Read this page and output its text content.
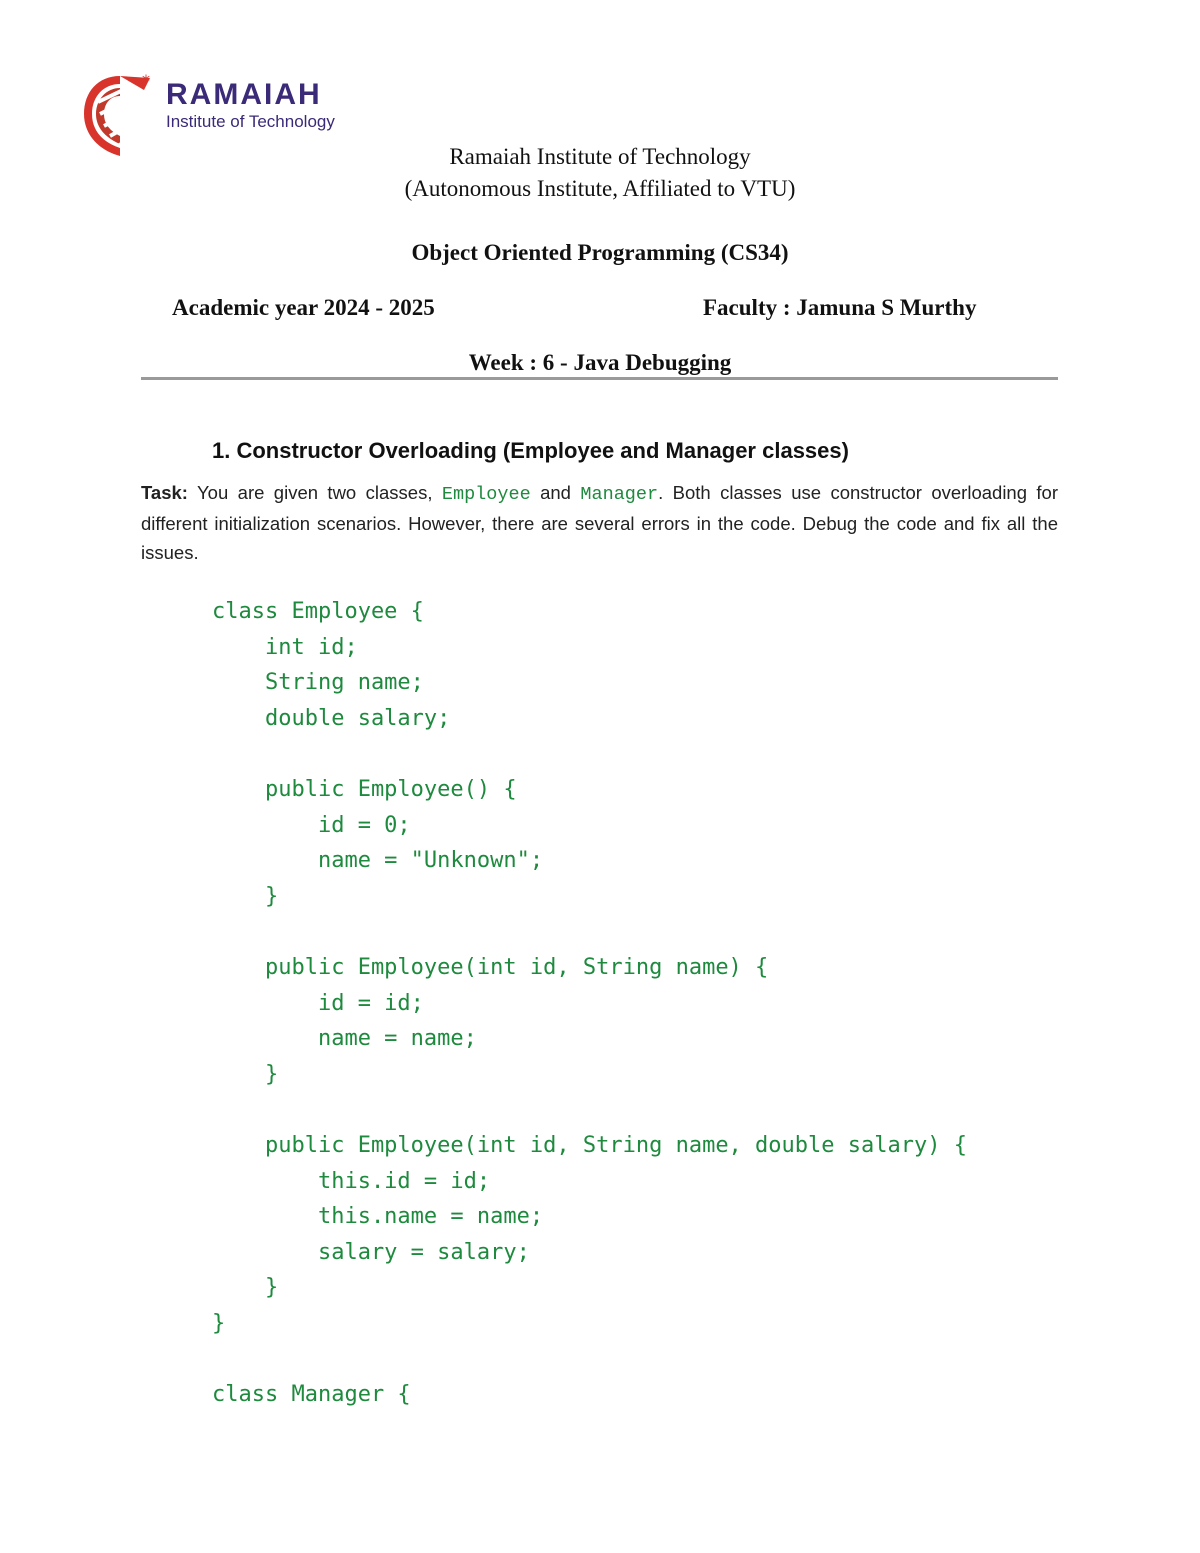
* RAMAIAH
Institute of Technology
Ramaiah Institute of Technology
(Autonomous Institute, Affiliated to VTU)
Object Oriented Programming (CS34)
Academic year 2024 - 2025	Faculty : Jamuna S Murthy
Week : 6 - Java Debugging
1. Constructor Overloading (Employee and Manager classes)
Task: You are given two classes, Employee and Manager. Both classes use constructor overloading for different initialization scenarios. However, there are several errors in the code. Debug the code and fix all the issues.
class Employee {
int id;
String name;
double salary;
public Employee() {
id = 0;
name = "Unknown";
}
public Employee(int id, String name) {
id = id;
name = name;
}
public Employee(int id, String name, double salary) {
this.id = id;
this.name = name;
salary = salary;
}
}
class Manager {
